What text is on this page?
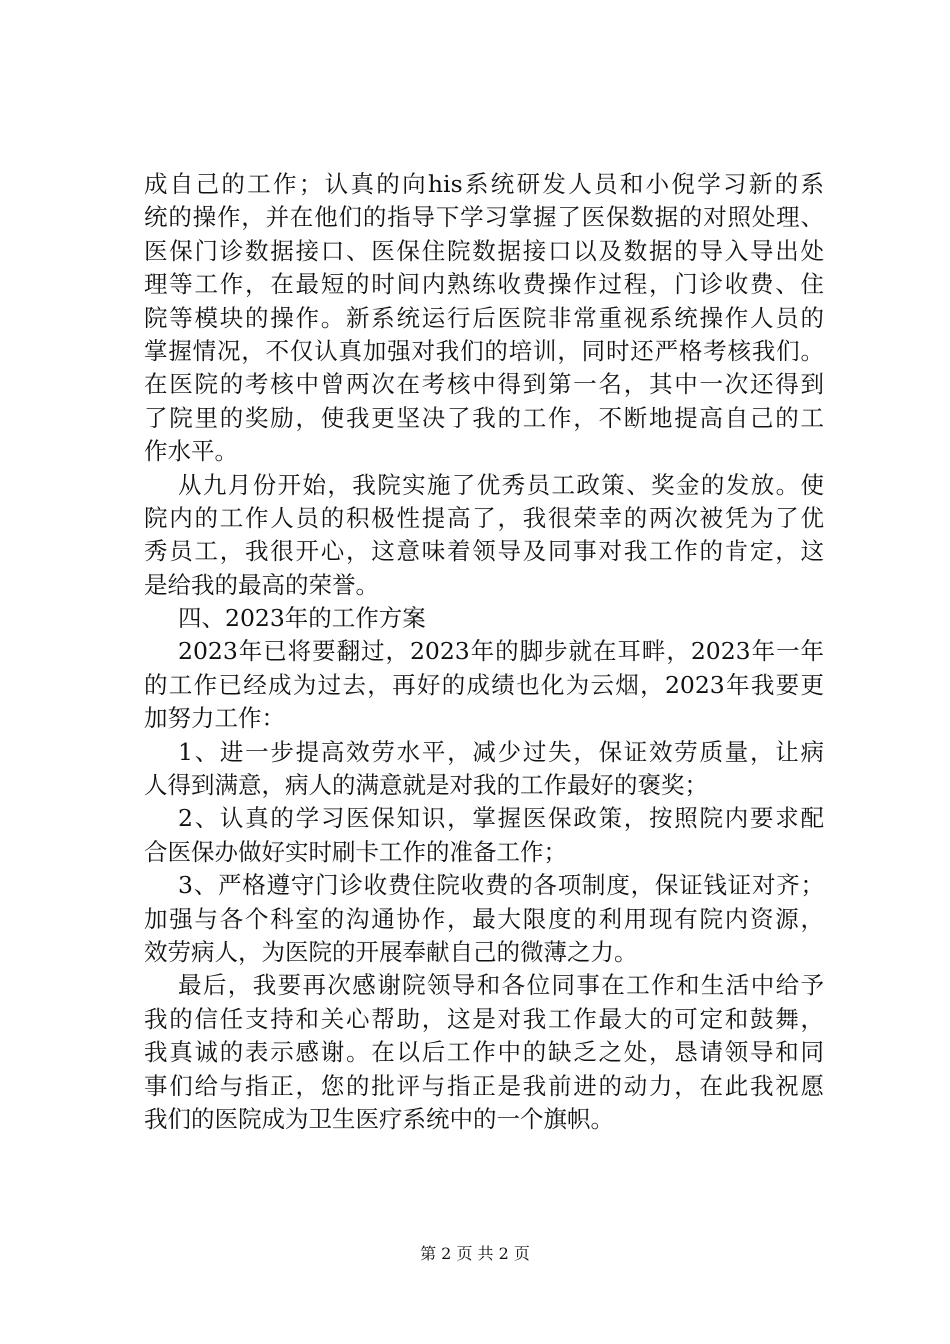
成自己的工作；认真的向his系统研发人员和小倪学习新的系
统的操作，并在他们的指导下学习掌握了医保数据的对照处理、
医保门诊数据接口、医保住院数据接口以及数据的导入导出处
理等工作，在最短的时间内熟练收费操作过程，门诊收费、住
院等模块的操作。新系统运行后医院非常重视系统操作人员的
掌握情况，不仅认真加强对我们的培训，同时还严格考核我们。
在医院的考核中曾两次在考核中得到第一名，其中一次还得到
了院里的奖励，使我更坚决了我的工作，不断地提高自己的工
作水平。
从九月份开始，我院实施了优秀员工政策、奖金的发放。使
院内的工作人员的积极性提高了，我很荣幸的两次被凭为了优
秀员工，我很开心，这意味着领导及同事对我工作的肯定，这
是给我的最高的荣誉。
四、2023年的工作方案
2023年已将要翻过，2023年的脚步就在耳畔，2023年一年
的工作已经成为过去，再好的成绩也化为云烟，2023年我要更
加努力工作：
1、进一步提高效劳水平，减少过失，保证效劳质量，让病
人得到满意，病人的满意就是对我的工作最好的褒奖；
2、认真的学习医保知识，掌握医保政策，按照院内要求配
合医保办做好实时刷卡工作的准备工作；
3、严格遵守门诊收费住院收费的各项制度，保证钱证对齐；
加强与各个科室的沟通协作，最大限度的利用现有院内资源，
效劳病人，为医院的开展奉献自己的微薄之力。
最后，我要再次感谢院领导和各位同事在工作和生活中给予
我的信任支持和关心帮助，这是对我工作最大的可定和鼓舞，
我真诚的表示感谢。在以后工作中的缺乏之处，恳请领导和同
事们给与指正，您的批评与指正是我前进的动力，在此我祝愿
我们的医院成为卫生医疗系统中的一个旗帜。
第 2 页 共 2 页
